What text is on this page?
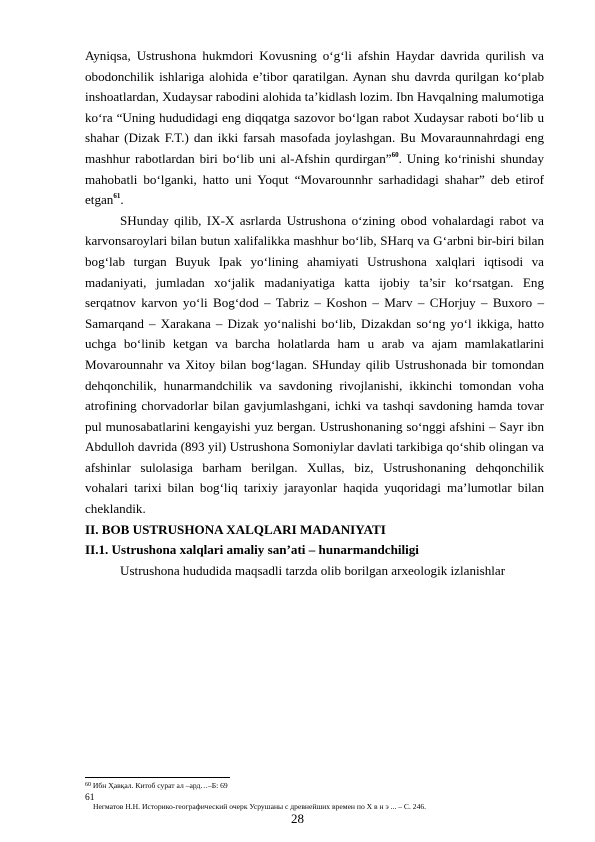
Ayniqsa, Ustrushona hukmdori Kovusning o‘g‘li afshin Haydar davrida qurilish va obodonchilik ishlariga alohida e’tibor qaratilgan. Aynan shu davrda qurilgan ko‘plab inshoatlardan, Xudaysar rabodini alohida ta’kidlash lozim. Ibn Havqalning malumotiga ko‘ra “Uning hududidagi eng diqqatga sazovor bo‘lgan rabot Xudaysar raboti bo‘lib u shahar (Dizak F.T.) dan ikki farsah masofada joylashgan. Bu Movaraunnahrdagi eng mashhur rabotlardan biri bo‘lib uni al-Afshin qurdirgan”$^{60}$. Uning ko‘rinishi shunday mahobatli bo‘lganki, hatto uni Yoqut “Movarounnhr sarhadidagi shahar” deb etirof etgan$^{61}$.

SHunday qilib, IX-X asrlarda Ustrushona o‘zining obod vohalardagi rabot va karvonsaroylari bilan butun xalifalikka mashhur bo‘lib, SHarq va G‘arbni bir-biri bilan bog‘lab turgan Buyuk Ipak yo‘lining ahamiyati Ustrushona xalqlari iqtisodi va madaniyati, jumladan xo‘jalik madaniyatiga katta ijobiy ta’sir ko‘rsatgan. Eng serqatnov karvon yo‘li Bog‘dod – Tabriz – Koshon – Marv – CHorjuy – Buxoro – Samarqand – Xarakana – Dizak yo‘nalishi bo‘lib, Dizakdan so‘ng yo‘l ikkiga, hatto uchga bo‘linib ketgan va barcha holatlarda ham u arab va ajam mamlakatlarini Movarounnahr va Xitoy bilan bog‘lagan. SHunday qilib Ustrushonada bir tomondan dehqonchilik, hunarmandchilik va savdoning rivojlanishi, ikkinchi tomondan voha atrofining chorvadorlar bilan gavjumlashgani, ichki va tashqi savdoning hamda tovar pul munosabatlarini kengayishi yuz bergan. Ustrushonaning so‘nggi afshini – Sayr ibn Abdulloh davrida (893 yil) Ustrushona Somoniylar davlati tarkibiga qo‘shib olingan va afshinlar sulolasiga barham berilgan. Xullas, biz, Ustrushonaning dehqonchilik vohalari tarixi bilan bog‘liq tarixiy jarayonlar haqida yuqoridagi ma’lumotlar bilan cheklandik.

II. BOB USTRUSHONA XALQLARI MADANIYATI

II.1. Ustrushona xalqlari amaliy san’ati – hunarmandchiligi

Ustrushona hududida maqsadli tarzda olib borilgan arxeologik izlanishlar

$^{60}$ Ибн Ҳавқал. Китоб сурат ал –ард…–Б: 69
61
Негматов Н.Н. Историко-географический очерк Усрушаны с древнейших времен по Х в н э ... – С. 246.
28
